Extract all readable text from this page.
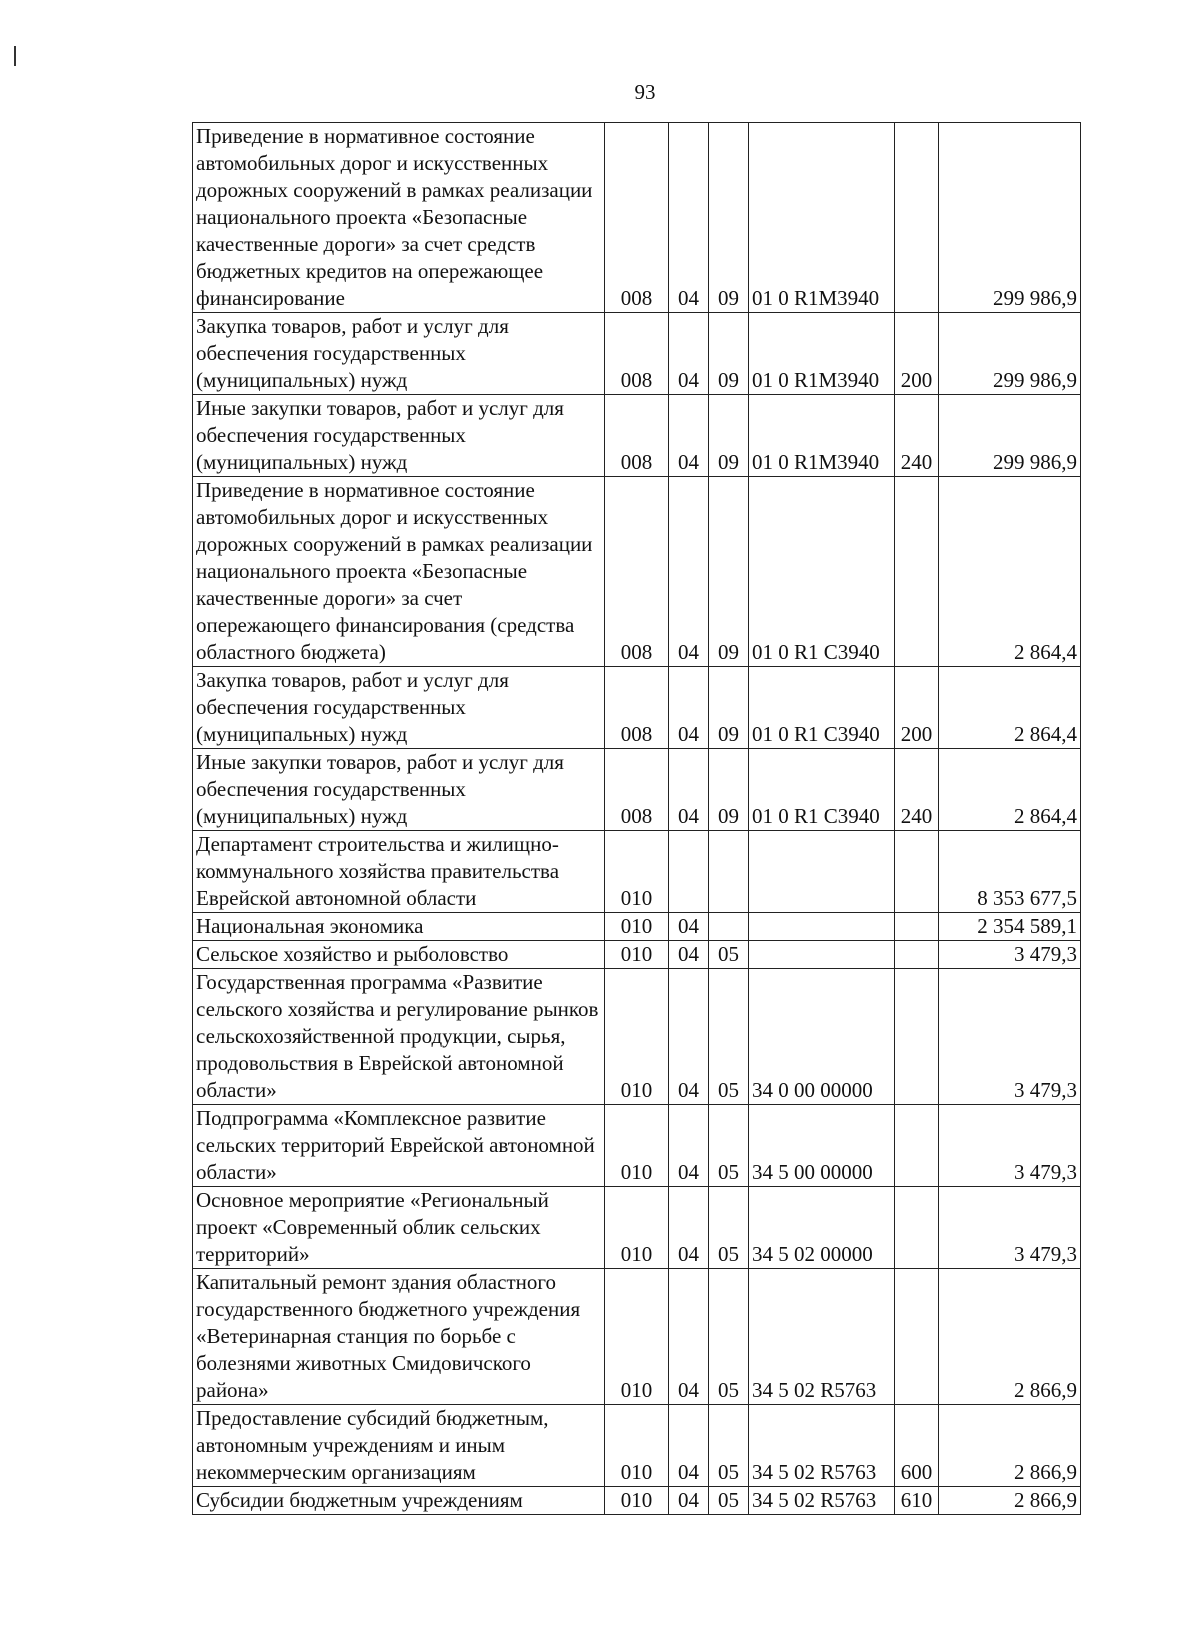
93
Приведение в нормативное состояние автомобильных дорог и искусственных дорожных сооружений в рамках реализации национального проекта «Безопасные качественные дороги» за счет средств бюджетных кредитов на опережающее финансирование	008	04	09	01 0 R1M3940		299 986,9
Закупка товаров, работ и услуг для обеспечения государственных (муниципальных) нужд	008	04	09	01 0 R1M3940	200	299 986,9
Иные закупки товаров, работ и услуг для обеспечения государственных (муниципальных) нужд	008	04	09	01 0 R1M3940	240	299 986,9
Приведение в нормативное состояние автомобильных дорог и искусственных дорожных сооружений в рамках реализации национального проекта «Безопасные качественные дороги» за счет опережающего финансирования (средства областного бюджета)	008	04	09	01 0 R1 C3940		2 864,4
Закупка товаров, работ и услуг для обеспечения государственных (муниципальных) нужд	008	04	09	01 0 R1 C3940	200	2 864,4
Иные закупки товаров, работ и услуг для обеспечения государственных (муниципальных) нужд	008	04	09	01 0 R1 C3940	240	2 864,4
Департамент строительства и жилищно-коммунального хозяйства правительства Еврейской автономной области	010					8 353 677,5
Национальная экономика	010	04				2 354 589,1
Сельское хозяйство и рыболовство	010	04	05			3 479,3
Государственная программа «Развитие сельского хозяйства и регулирование рынков сельскохозяйственной продукции, сырья, продовольствия в Еврейской автономной области»	010	04	05	34 0 00 00000		3 479,3
Подпрограмма «Комплексное развитие сельских территорий Еврейской автономной области»	010	04	05	34 5 00 00000		3 479,3
Основное мероприятие «Региональный проект «Современный облик сельских территорий»	010	04	05	34 5 02 00000		3 479,3
Капитальный ремонт здания областного государственного бюджетного учреждения «Ветеринарная станция по борьбе с болезнями животных Смидовичского района»	010	04	05	34 5 02 R5763		2 866,9
Предоставление субсидий бюджетным, автономным учреждениям и иным некоммерческим организациям	010	04	05	34 5 02 R5763	600	2 866,9
Субсидии бюджетным учреждениям	010	04	05	34 5 02 R5763	610	2 866,9
